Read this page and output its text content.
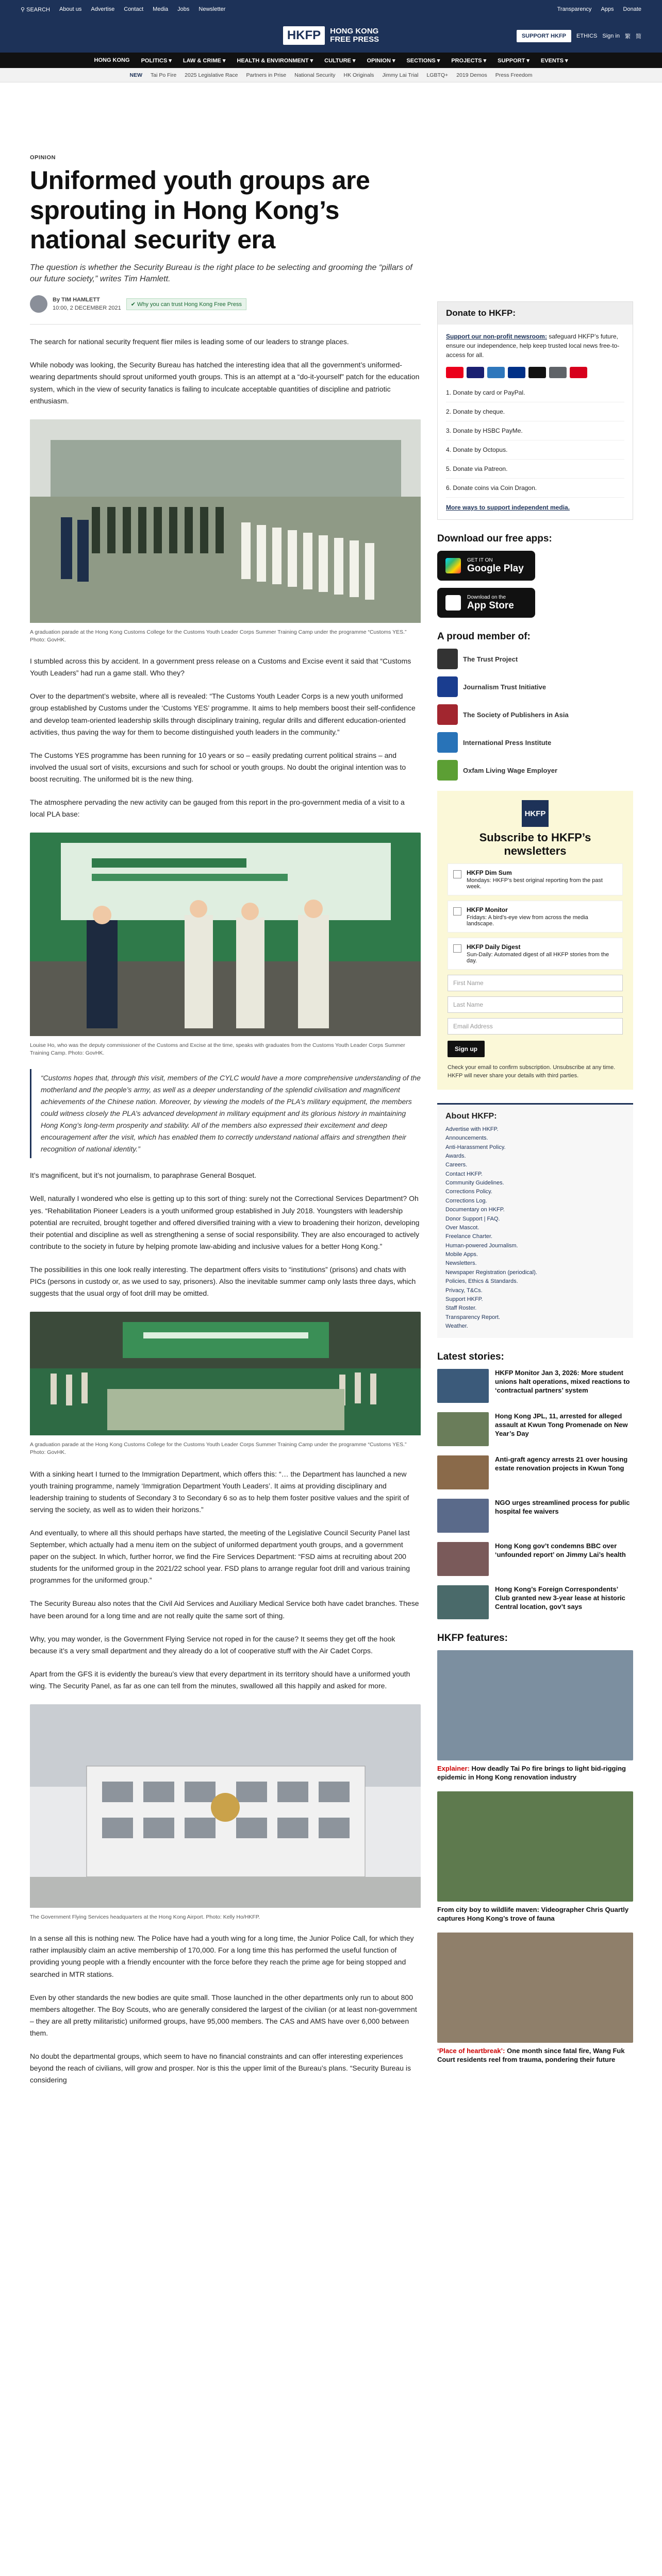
⚲ SEARCH About us Advertise Contact Media Jobs Newsletter	Transparency Apps Donate
HKFP	HONG KONG
FREE PRESS	SUPPORT HKFP	ETHICS Sign in 繁 简
HONG KONG POLITICS ▾ LAW & CRIME ▾ HEALTH & ENVIRONMENT ▾ CULTURE ▾ OPINION ▾ SECTIONS ▾ PROJECTS ▾ SUPPORT ▾ EVENTS ▾
NEW Tai Po Fire 2025 Legislative Race Partners in Prise National Security HK Originals Jimmy Lai Trial LGBTQ+ 2019 Demos Press Freedom
OPINION
Uniformed youth groups are sprouting in Hong Kong’s national security era
The question is whether the Security Bureau is the right place to be selecting and grooming the “pillars of our future society,” writes Tim Hamlett.
By TIM HAMLETT
10:00, 2 DECEMBER 2021
✔ Why you can trust Hong Kong Free Press

The search for national security frequent flier miles is leading some of our leaders to strange places.

While nobody was looking, the Security Bureau has hatched the interesting idea that all the government’s uniformed-wearing departments should sprout uniformed youth groups. This is an attempt at a “do-it-yourself” patch for the education system, which in the view of security fanatics is failing to inculcate acceptable quantities of discipline and patriotic enthusiasm.

A graduation parade at the Hong Kong Customs College for the Customs Youth Leader Corps Summer Training Camp under the programme “Customs YES.” Photo: GovHK.

I stumbled across this by accident. In a government press release on a Customs and Excise event it said that “Customs Youth Leaders” had run a game stall. Who they?

Over to the department’s website, where all is revealed: “The Customs Youth Leader Corps is a new youth uniformed group established by Customs under the ‘Customs YES’ programme. It aims to help members boost their self-confidence and develop team-oriented leadership skills through disciplinary training, regular drills and different education-oriented activities, thus paving the way for them to become distinguished youth leaders in the community.”

The Customs YES programme has been running for 10 years or so – easily predating current political strains – and involved the usual sort of visits, excursions and such for school or youth groups. No doubt the original intention was to boost recruiting. The uniformed bit is the new thing.

The atmosphere pervading the new activity can be gauged from this report in the pro-government media of a visit to a local PLA base:

Louise Ho, who was the deputy commissioner of the Customs and Excise at the time, speaks with graduates from the Customs Youth Leader Corps Summer Training Camp. Photo: GovHK.
“Customs hopes that, through this visit, members of the CYLC would have a more comprehensive understanding of the motherland and the people’s army, as well as a deeper understanding of the splendid civilisation and magnificent achievements of the Chinese nation. Moreover, by viewing the models of the PLA’s military equipment, the members could witness closely the PLA’s advanced development in military equipment and its glorious history in maintaining Hong Kong’s long-term prosperity and stability. All of the members also expressed their excitement and deep encouragement after the visit, which has enabled them to correctly understand national affairs and strengthen their recognition of national identity.”

It’s magnificent, but it’s not journalism, to paraphrase General Bosquet.

Well, naturally I wondered who else is getting up to this sort of thing: surely not the Correctional Services Department? Oh yes. “Rehabilitation Pioneer Leaders is a youth uniformed group established in July 2018. Youngsters with leadership potential are recruited, brought together and offered diversified training with a view to broadening their horizon, developing their potential and discipline as well as strengthening a sense of social responsibility. They are also encouraged to actively contribute to the society in future by helping promote law-abiding and inclusive values for a better Hong Kong.”

The possibilities in this one look really interesting. The department offers visits to “institutions” (prisons) and chats with PICs (persons in custody or, as we used to say, prisoners). Also the inevitable summer camp only lasts three days, which suggests that the usual orgy of foot drill may be omitted.

A graduation parade at the Hong Kong Customs College for the Customs Youth Leader Corps Summer Training Camp under the programme “Customs YES.” Photo: GovHK.

With a sinking heart I turned to the Immigration Department, which offers this: “… the Department has launched a new youth training programme, namely ‘Immigration Department Youth Leaders’. It aims at providing disciplinary and leadership training to students of Secondary 3 to Secondary 6 so as to help them foster positive values and the spirit of serving the society, as well as to widen their horizons.”

And eventually, to where all this should perhaps have started, the meeting of the Legislative Council Security Panel last September, which actually had a menu item on the subject of uniformed department youth groups, and a government paper on the subject. In which, further horror, we find the Fire Services Department: “FSD aims at recruiting about 200 students for the uniformed group in the 2021/22 school year. FSD plans to arrange regular foot drill and various training programmes for the uniformed group.”

The Security Bureau also notes that the Civil Aid Services and Auxiliary Medical Service both have cadet branches. These have been around for a long time and are not really quite the same sort of thing.

Why, you may wonder, is the Government Flying Service not roped in for the cause? It seems they get off the hook because it’s a very small department and they already do a lot of cooperative stuff with the Air Cadet Corps.

Apart from the GFS it is evidently the bureau’s view that every department in its territory should have a uniformed youth wing. The Security Panel, as far as one can tell from the minutes, swallowed all this happily and asked for more.

The Government Flying Services headquarters at the Hong Kong Airport. Photo: Kelly Ho/HKFP.

In a sense all this is nothing new. The Police have had a youth wing for a long time, the Junior Police Call, for which they rather implausibly claim an active membership of 170,000. For a long time this has performed the useful function of providing young people with a friendly encounter with the force before they reach the prime age for being stopped and searched in MTR stations.

Even by other standards the new bodies are quite small. Those launched in the other departments only run to about 800 members altogether. The Boy Scouts, who are generally considered the largest of the civilian (or at least non-government – they are all pretty militaristic) uniformed groups, have 95,000 members. The CAS and AMS have over 6,000 between them.

No doubt the departmental groups, which seem to have no financial constraints and can offer interesting experiences beyond the reach of civilians, will grow and prosper. Nor is this the upper limit of the Bureau’s plans. “Security Bureau is considering

Donate to HKFP:
Support our non-profit newsroom: safeguard HKFP’s future, ensure our independence, help keep trusted local news free-to-access for all.
1. Donate by card or PayPal.
2. Donate by cheque.
3. Donate by HSBC PayMe.
4. Donate by Octopus.
5. Donate via Patreon.
6. Donate coins via Coin Dragon.
More ways to support independent media.
Download our free apps:
GET IT ON
Google Play
Download on the
App Store
A proud member of:
The Trust Project
Journalism Trust Initiative
The Society of Publishers in Asia
International Press Institute
Oxfam Living Wage Employer
HKFP
Subscribe to HKFP’s newsletters
HKFP Dim Sum
Mondays: HKFP’s best original reporting from the past week.
HKFP Monitor
Fridays: A bird’s-eye view from across the media landscape.
HKFP Daily Digest
Sun-Daily: Automated digest of all HKFP stories from the day.
First Name
Last Name
Email Address
Sign up
Check your email to confirm subscription. Unsubscribe at any time. HKFP will never share your details with third parties.
About HKFP:
Advertise with HKFP.
Announcements.
Anti-Harassment Policy.
Awards.
Careers.
Contact HKFP.
Community Guidelines.
Corrections Policy.
Corrections Log.
Documentary on HKFP.
Donor Support | FAQ.
Over Mascot.
Freelance Charter.
Human-powered Journalism.
Mobile Apps.
Newsletters.
Newspaper Registration (periodical).
Policies, Ethics & Standards.
Privacy, T&Cs.
Support HKFP.
Staff Roster.
Transparency Report.
Weather.
Latest stories:
HKFP Monitor Jan 3, 2026: More student unions halt operations, mixed reactions to ‘contractual partners’ system
Hong Kong JPL, 11, arrested for alleged assault at Kwun Tong Promenade on New Year’s Day
Anti-graft agency arrests 21 over housing estate renovation projects in Kwun Tong
NGO urges streamlined process for public hospital fee waivers
Hong Kong gov’t condemns BBC over ‘unfounded report’ on Jimmy Lai’s health
Hong Kong’s Foreign Correspondents’ Club granted new 3-year lease at historic Central location, gov’t says
HKFP features:
Explainer: How deadly Tai Po fire brings to light bid-rigging epidemic in Hong Kong renovation industry
From city boy to wildlife maven: Videographer Chris Quartly captures Hong Kong’s trove of fauna
‘Place of heartbreak’: One month since fatal fire, Wang Fuk Court residents reel from trauma, pondering their future
